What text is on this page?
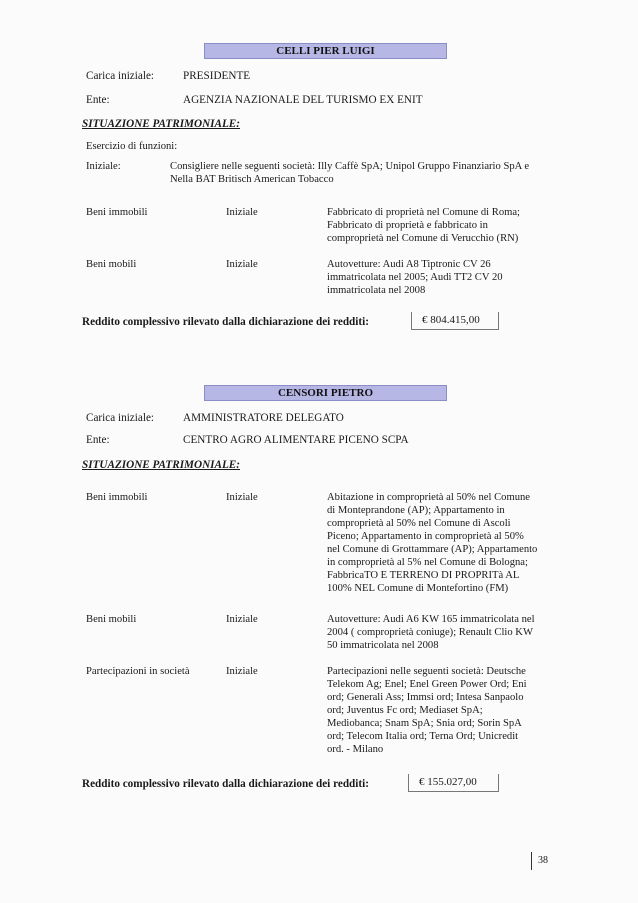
CELLI PIER LUIGI
Carica iniziale:	PRESIDENTE
Ente:	AGENZIA NAZIONALE DEL TURISMO EX ENIT
SITUAZIONE PATRIMONIALE:
Esercizio di funzioni:
Iniziale:	Consigliere nelle seguenti società: Illy Caffè SpA; Unipol Gruppo Finanziario SpA e Nella BAT Britisch American Tobacco
Beni immobili	Iniziale	Fabbricato di proprietà nel Comune di Roma;
Fabbricato di proprietà e fabbricato in
comproprietà nel Comune di Verucchio (RN)
Beni mobili	Iniziale	Autovetture: Audi A8 Tiptronic CV 26
immatricolata nel 2005; Audi TT2 CV 20
immatricolata nel 2008
Reddito complessivo rilevato dalla dichiarazione dei redditi:	€ 804.415,00
CENSORI PIETRO
Carica iniziale:	AMMINISTRATORE DELEGATO
Ente:	CENTRO AGRO ALIMENTARE PICENO SCPA
SITUAZIONE PATRIMONIALE:
Beni immobili	Iniziale	Abitazione in comproprietà al 50% nel Comune
di Monteprandone (AP); Appartamento in
comproprietà al 50% nel Comune di Ascoli
Piceno; Appartamento in comproprietà al 50%
nel Comune di Grottammare (AP); Appartamento
in comproprietà al 5% nel Comune di Bologna;
FabbricaTO E TERRENO DI PROPRITà AL
100% NEL Comune di Montefortino (FM)
Beni mobili	Iniziale	Autovetture: Audi A6 KW 165 immatricolata nel
2004 ( comproprietà coniuge); Renault Clio KW
50 immatricolata nel 2008
Partecipazioni in società	Iniziale	Partecipazioni nelle seguenti società: Deutsche
Telekom Ag; Enel; Enel Green Power Ord; Eni
ord; Generali Ass; Immsi ord; Intesa Sanpaolo
ord; Juventus Fc ord; Mediaset SpA;
Mediobanca; Snam SpA; Snia ord; Sorin SpA
ord; Telecom Italia ord; Terna Ord; Unicredit
ord. - Milano
Reddito complessivo rilevato dalla dichiarazione dei redditi:	€ 155.027,00
38
